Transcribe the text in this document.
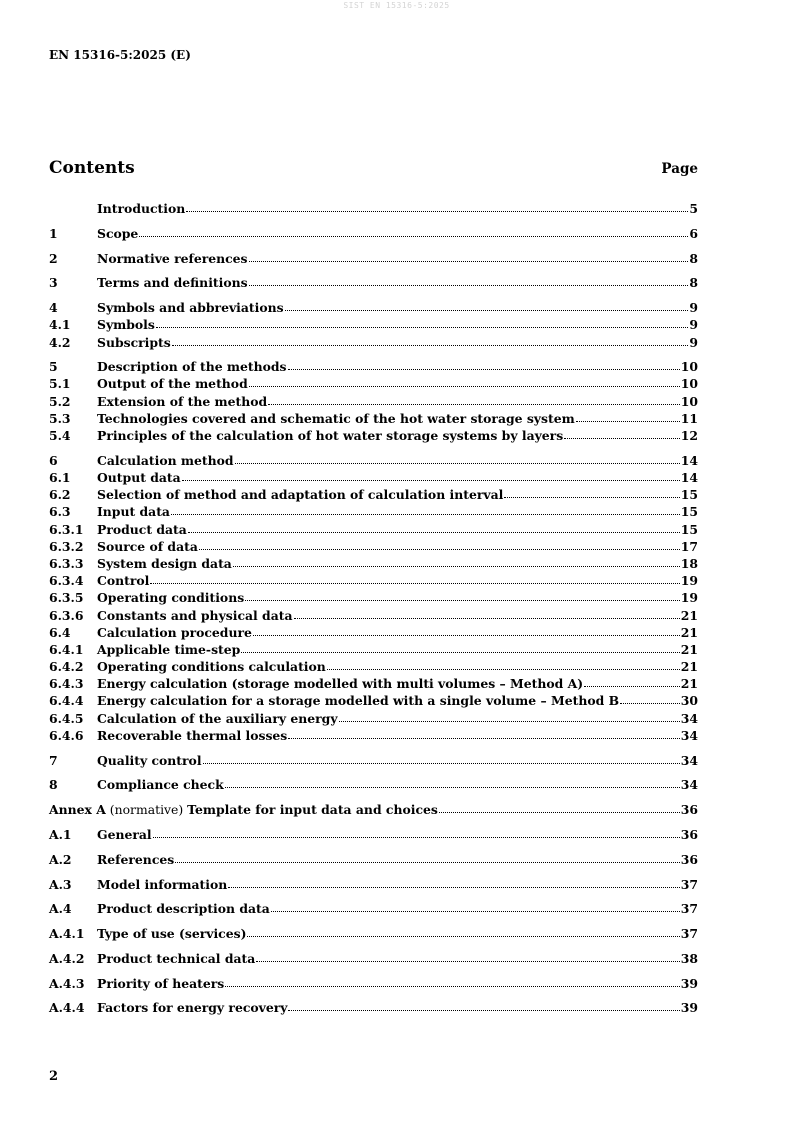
SIST EN 15316-5:2025
EN 15316-5:2025 (E)
Contents	Page
Introduction	5
1	Scope	6
2	Normative references	8
3	Terms and definitions	8
4	Symbols and abbreviations	9
4.1	Symbols	9
4.2	Subscripts	9
5	Description of the methods	10
5.1	Output of the method	10
5.2	Extension of the method	10
5.3	Technologies covered and schematic of the hot water storage system	11
5.4	Principles of the calculation of hot water storage systems by layers	12
6	Calculation method	14
6.1	Output data	14
6.2	Selection of method and adaptation of calculation interval	15
6.3	Input data	15
6.3.1	Product data	15
6.3.2	Source of data	17
6.3.3	System design data	18
6.3.4	Control	19
6.3.5	Operating conditions	19
6.3.6	Constants and physical data	21
6.4	Calculation procedure	21
6.4.1	Applicable time-step	21
6.4.2	Operating conditions calculation	21
6.4.3	Energy calculation (storage modelled with multi volumes – Method A)	21
6.4.4	Energy calculation for a storage modelled with a single volume – Method B	30
6.4.5	Calculation of the auxiliary energy	34
6.4.6	Recoverable thermal losses	34
7	Quality control	34
8	Compliance check	34
Annex A (normative) Template for input data and choices	36
A.1	General	36
A.2	References	36
A.3	Model information	37
A.4	Product description data	37
A.4.1	Type of use (services)	37
A.4.2	Product technical data	38
A.4.3	Priority of heaters	39
A.4.4	Factors for energy recovery	39
2
